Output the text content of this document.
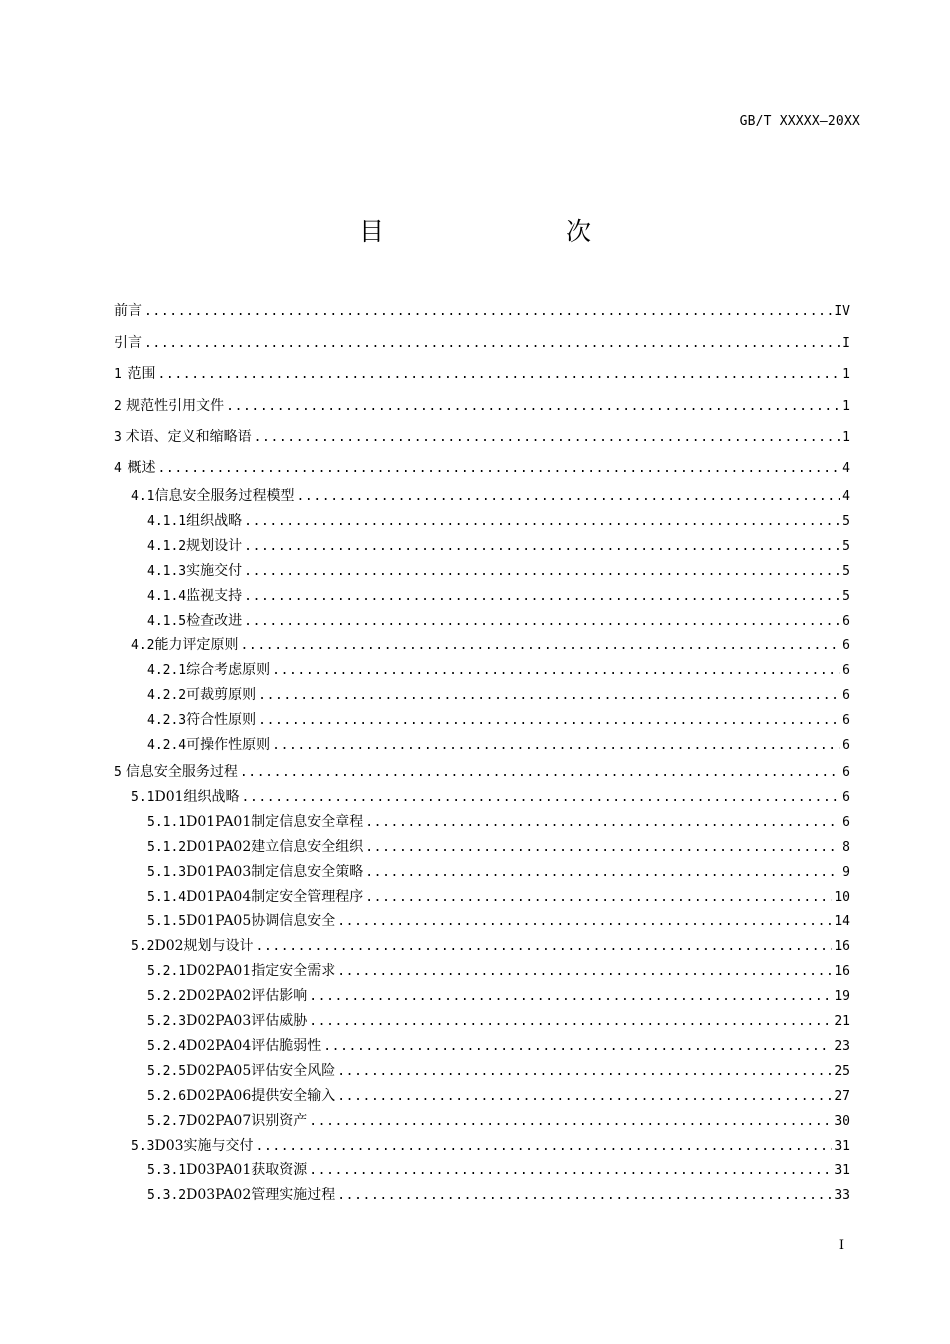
GB/T XXXXX—20XX
目　　次
前言 .....	IV
引言 .....	I
1 范围 .....	1
2 规范性引用文件 .....	1
3 术语、定义和缩略语 .....	1
4 概述 .....	4
4.1 信息安全服务过程模型 .....	4
4.1.1 组织战略 .....	5
4.1.2 规划设计 .....	5
4.1.3 实施交付 .....	5
4.1.4 监视支持 .....	5
4.1.5 检查改进 .....	6
4.2 能力评定原则 .....	6
4.2.1 综合考虑原则 .....	6
4.2.2 可裁剪原则 .....	6
4.2.3 符合性原则 .....	6
4.2.4 可操作性原则 .....	6
5 信息安全服务过程 .....	6
5.1 D01组织战略 .....	6
5.1.1 D01PA01制定信息安全章程 .....	6
5.1.2 D01PA02建立信息安全组织 .....	8
5.1.3 D01PA03制定信息安全策略 .....	9
5.1.4 D01PA04制定安全管理程序 .....	10
5.1.5 D01PA05协调信息安全 .....	14
5.2 D02规划与设计 .....	16
5.2.1 D02PA01指定安全需求 .....	16
5.2.2 D02PA02评估影响 .....	19
5.2.3 D02PA03评估威胁 .....	21
5.2.4 D02PA04评估脆弱性 .....	23
5.2.5 D02PA05评估安全风险 .....	25
5.2.6 D02PA06提供安全输入 .....	27
5.2.7 D02PA07识别资产 .....	30
5.3 D03实施与交付 .....	31
5.3.1 D03PA01获取资源 .....	31
5.3.2 D03PA02管理实施过程 .....	33
I
